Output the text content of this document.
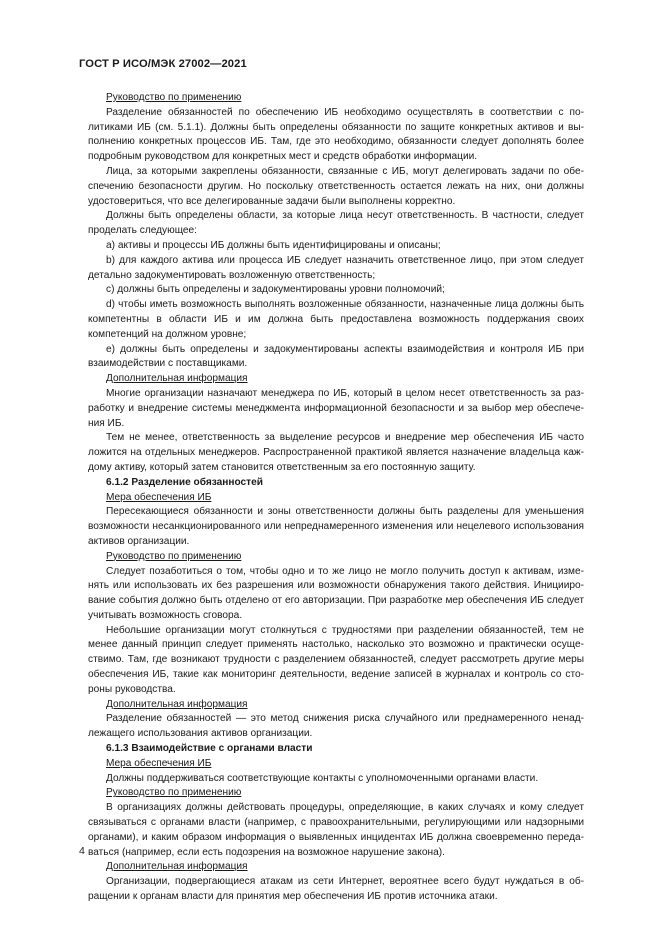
ГОСТ Р ИСО/МЭК 27002—2021
Руководство по применению

Разделение обязанностей по обеспечению ИБ необходимо осуществлять в соответствии с политиками ИБ (см. 5.1.1). Должны быть определены обязанности по защите конкретных активов и выполнению конкретных процессов ИБ. Там, где это необходимо, обязанности следует дополнять более подробным руководством для конкретных мест и средств обработки информации.

Лица, за которыми закреплены обязанности, связанные с ИБ, могут делегировать задачи по обеспечению безопасности другим. Но поскольку ответственность остается лежать на них, они должны удостовериться, что все делегированные задачи были выполнены корректно.

Должны быть определены области, за которые лица несут ответственность. В частности, следует проделать следующее:

a) активы и процессы ИБ должны быть идентифицированы и описаны;

b) для каждого актива или процесса ИБ следует назначить ответственное лицо, при этом следует детально задокументировать возложенную ответственность;

c) должны быть определены и задокументированы уровни полномочий;

d) чтобы иметь возможность выполнять возложенные обязанности, назначенные лица должны быть компетентны в области ИБ и им должна быть предоставлена возможность поддержания своих компетенций на должном уровне;

e) должны быть определены и задокументированы аспекты взаимодействия и контроля ИБ при взаимодействии с поставщиками.

Дополнительная информация

Многие организации назначают менеджера по ИБ, который в целом несет ответственность за разработку и внедрение системы менеджмента информационной безопасности и за выбор мер обеспечения ИБ.

Тем не менее, ответственность за выделение ресурсов и внедрение мер обеспечения ИБ часто ложится на отдельных менеджеров. Распространенной практикой является назначение владельца каждому активу, который затем становится ответственным за его постоянную защиту.

6.1.2 Разделение обязанностей
Мера обеспечения ИБ

Пересекающиеся обязанности и зоны ответственности должны быть разделены для уменьшения возможности несанкционированного или непреднамеренного изменения или нецелевого использования активов организации.

Руководство по применению

Следует позаботиться о том, чтобы одно и то же лицо не могло получить доступ к активам, изменять или использовать их без разрешения или возможности обнаружения такого действия. Инициирование события должно быть отделено от его авторизации. При разработке мер обеспечения ИБ следует учитывать возможность сговора.

Небольшие организации могут столкнуться с трудностями при разделении обязанностей, тем не менее данный принцип следует применять настолько, насколько это возможно и практически осуществимо. Там, где возникают трудности с разделением обязанностей, следует рассмотреть другие меры обеспечения ИБ, такие как мониторинг деятельности, ведение записей в журналах и контроль со стороны руководства.

Дополнительная информация

Разделение обязанностей — это метод снижения риска случайного или преднамеренного ненадлежащего использования активов организации.

6.1.3 Взаимодействие с органами власти
Мера обеспечения ИБ

Должны поддерживаться соответствующие контакты с уполномоченными органами власти.

Руководство по применению

В организациях должны действовать процедуры, определяющие, в каких случаях и кому следует связываться с органами власти (например, с правоохранительными, регулирующими или надзорными органами), и каким образом информация о выявленных инцидентах ИБ должна своевременно передаваться (например, если есть подозрения на возможное нарушение закона).

Дополнительная информация

Организации, подвергающиеся атакам из сети Интернет, вероятнее всего будут нуждаться в обращении к органам власти для принятия мер обеспечения ИБ против источника атаки.

4
